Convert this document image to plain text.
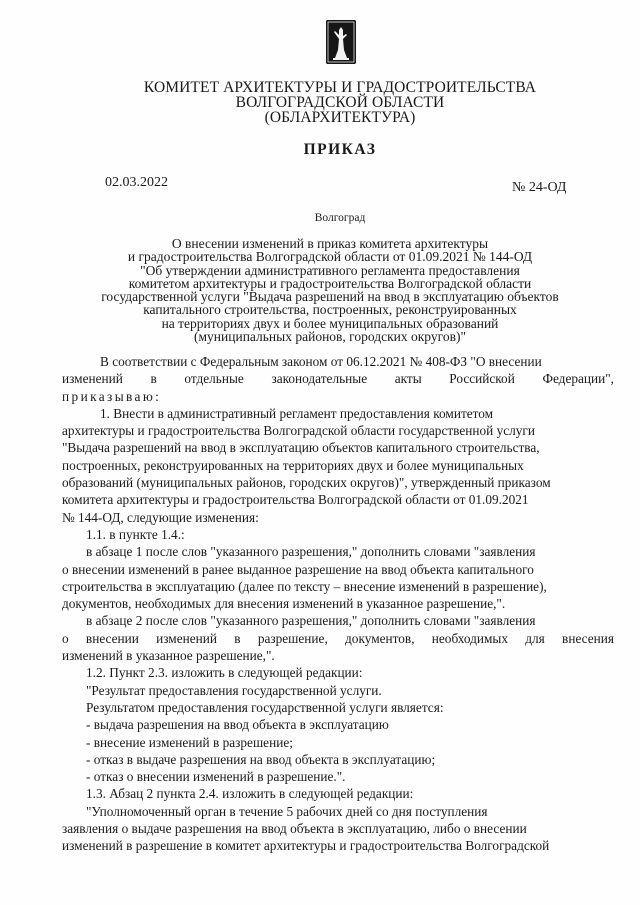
КОМИТЕТ АРХИТЕКТУРЫ И ГРАДОСТРОИТЕЛЬСТВА
ВОЛГОГРАДСКОЙ ОБЛАСТИ
(ОБЛАРХИТЕКТУРА)
ПРИКАЗ
02.03.2022	№ 24-ОД
Волгоград
О внесении изменений в приказ комитета архитектуры
и градостроительства Волгоградской области от 01.09.2021 № 144-ОД
"Об утверждении административного регламента предоставления
комитетом архитектуры и градостроительства Волгоградской области
государственной услуги "Выдача разрешений на ввод в эксплуатацию объектов
капитального строительства, построенных, реконструированных
на территориях двух и более муниципальных образований
(муниципальных районов, городских округов)"
В соответствии с Федеральным законом от 06.12.2021 № 408-ФЗ "О внесении
изменений в отдельные законодательные акты Российской Федерации",
приказываю:
1. Внести в административный регламент предоставления комитетом
архитектуры и градостроительства Волгоградской области государственной услуги
"Выдача разрешений на ввод в эксплуатацию объектов капитального строительства,
построенных, реконструированных на территориях двух и более муниципальных
образований (муниципальных районов, городских округов)", утвержденный приказом
комитета архитектуры и градостроительства Волгоградской области от 01.09.2021
№ 144-ОД, следующие изменения:
1.1. в пункте 1.4.:
в абзаце 1 после слов "указанного разрешения," дополнить словами "заявления
о внесении изменений в ранее выданное разрешение на ввод объекта капитального
строительства в эксплуатацию (далее по тексту – внесение изменений в разрешение),
документов, необходимых для внесения изменений в указанное разрешение,".
в абзаце 2 после слов "указанного разрешения," дополнить словами "заявления
о внесении изменений в разрешение, документов, необходимых для внесения
изменений в указанное разрешение,".
1.2. Пункт 2.3. изложить в следующей редакции:
"Результат предоставления государственной услуги.
Результатом предоставления государственной услуги является:
- выдача разрешения на ввод объекта в эксплуатацию
- внесение изменений в разрешение;
- отказ в выдаче разрешения на ввод объекта в эксплуатацию;
- отказ о внесении изменений в разрешение.".
1.3. Абзац 2 пункта 2.4. изложить в следующей редакции:
"Уполномоченный орган в течение 5 рабочих дней со дня поступления
заявления о выдаче разрешения на ввод объекта в эксплуатацию, либо о внесении
изменений в разрешение в комитет архитектуры и градостроительства Волгоградской
